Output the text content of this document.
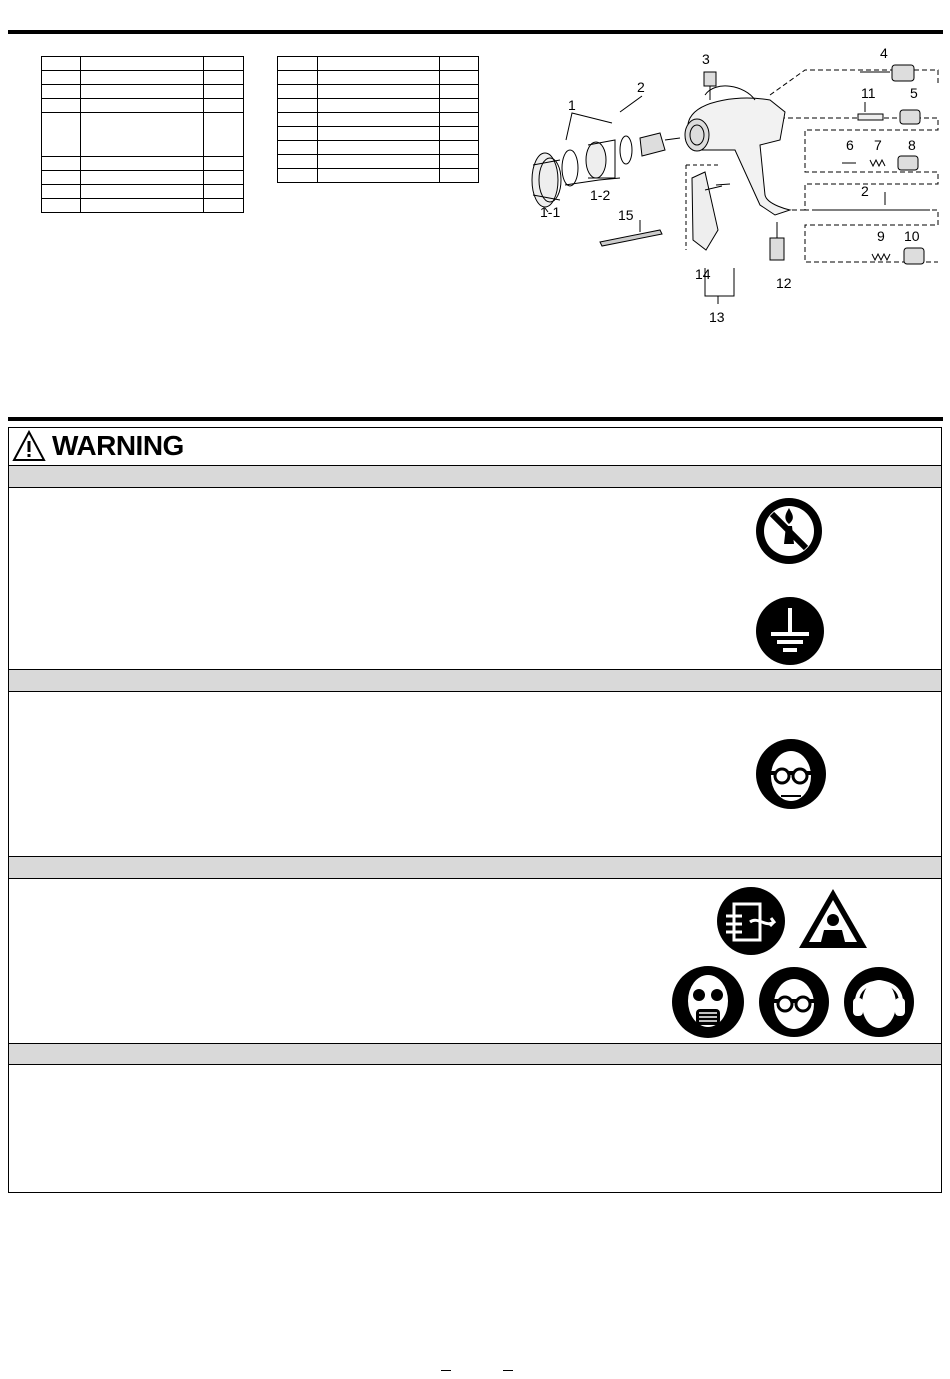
1
1-1
1-2
2
3	4
5
6 7 8
9 10
11
2
12
13
14
15
WARNING
